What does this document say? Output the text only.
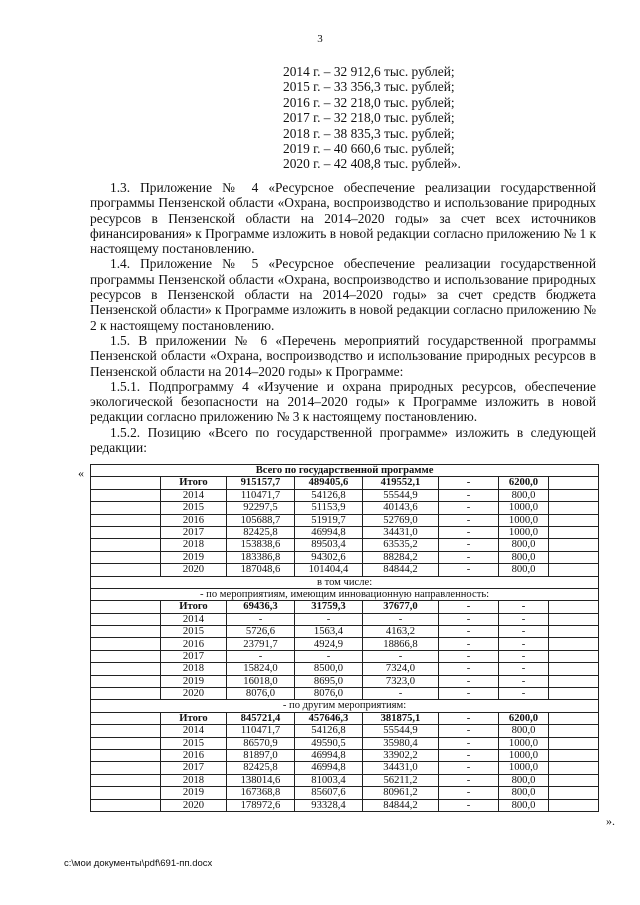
3
2014 г. – 32 912,6 тыс. рублей;
2015 г. – 33 356,3 тыс. рублей;
2016 г. – 32 218,0 тыс. рублей;
2017 г. – 32 218,0 тыс. рублей;
2018 г. – 38 835,3 тыс. рублей;
2019 г. – 40 660,6 тыс. рублей;
2020 г. – 42 408,8 тыс. рублей».

1.3. Приложение № 4 «Ресурсное обеспечение реализации государственной программы Пензенской области «Охрана, воспроизводство и использование природных ресурсов в Пензенской области на 2014–2020 годы» за счет всех источников финансирования» к Программе изложить в новой редакции согласно приложению № 1 к настоящему постановлению.

1.4. Приложение № 5 «Ресурсное обеспечение реализации государственной программы Пензенской области «Охрана, воспроизводство и использование природных ресурсов в Пензенской области на 2014–2020 годы» за счет средств бюджета Пензенской области» к Программе изложить в новой редакции согласно приложению № 2 к настоящему постановлению.

1.5. В приложении № 6 «Перечень мероприятий государственной программы Пензенской области «Охрана, воспроизводство и использование природных ресурсов в Пензенской области на 2014–2020 годы» к Программе:

1.5.1. Подпрограмму 4 «Изучение и охрана природных ресурсов, обеспечение экологической безопасности на 2014–2020 годы» к Программе изложить в новой редакции согласно приложению № 3 к настоящему постановлению.

1.5.2. Позицию «Всего по государственной программе» изложить в следующей редакции:

«
».
Всего по государственной программе							
	Итого	915157,7	489405,6	419552,1	-	6200,0	
	2014	110471,7	54126,8	55544,9	-	800,0	
	2015	92297,5	51153,9	40143,6	-	1000,0	
	2016	105688,7	51919,7	52769,0	-	1000,0	
	2017	82425,8	46994,8	34431,0	-	1000,0	
	2018	153838,6	89503,4	63535,2	-	800,0	
	2019	183386,8	94302,6	88284,2	-	800,0	
	2020	187048,6	101404,4	84844,2	-	800,0	
в том числе:							
- по мероприятиям, имеющим инновационную направленность:							
	Итого	69436,3	31759,3	37677,0	-	-	
	2014	-	-	-	-	-	
	2015	5726,6	1563,4	4163,2	-	-	
	2016	23791,7	4924,9	18866,8	-	-	
	2017	-	-	-	-	-	
	2018	15824,0	8500,0	7324,0	-	-	
	2019	16018,0	8695,0	7323,0	-	-	
	2020	8076,0	8076,0	-	-	-	
- по другим мероприятиям:							
	Итого	845721,4	457646,3	381875,1	-	6200,0	
	2014	110471,7	54126,8	55544,9	-	800,0	
	2015	86570,9	49590,5	35980,4	-	1000,0	
	2016	81897,0	46994,8	33902,2	-	1000,0	
	2017	82425,8	46994,8	34431,0	-	1000,0	
	2018	138014,6	81003,4	56211,2	-	800,0	
	2019	167368,8	85607,6	80961,2	-	800,0	
	2020	178972,6	93328,4	84844,2	-	800,0	
c:\мои документы\pdf\691-пп.docx
